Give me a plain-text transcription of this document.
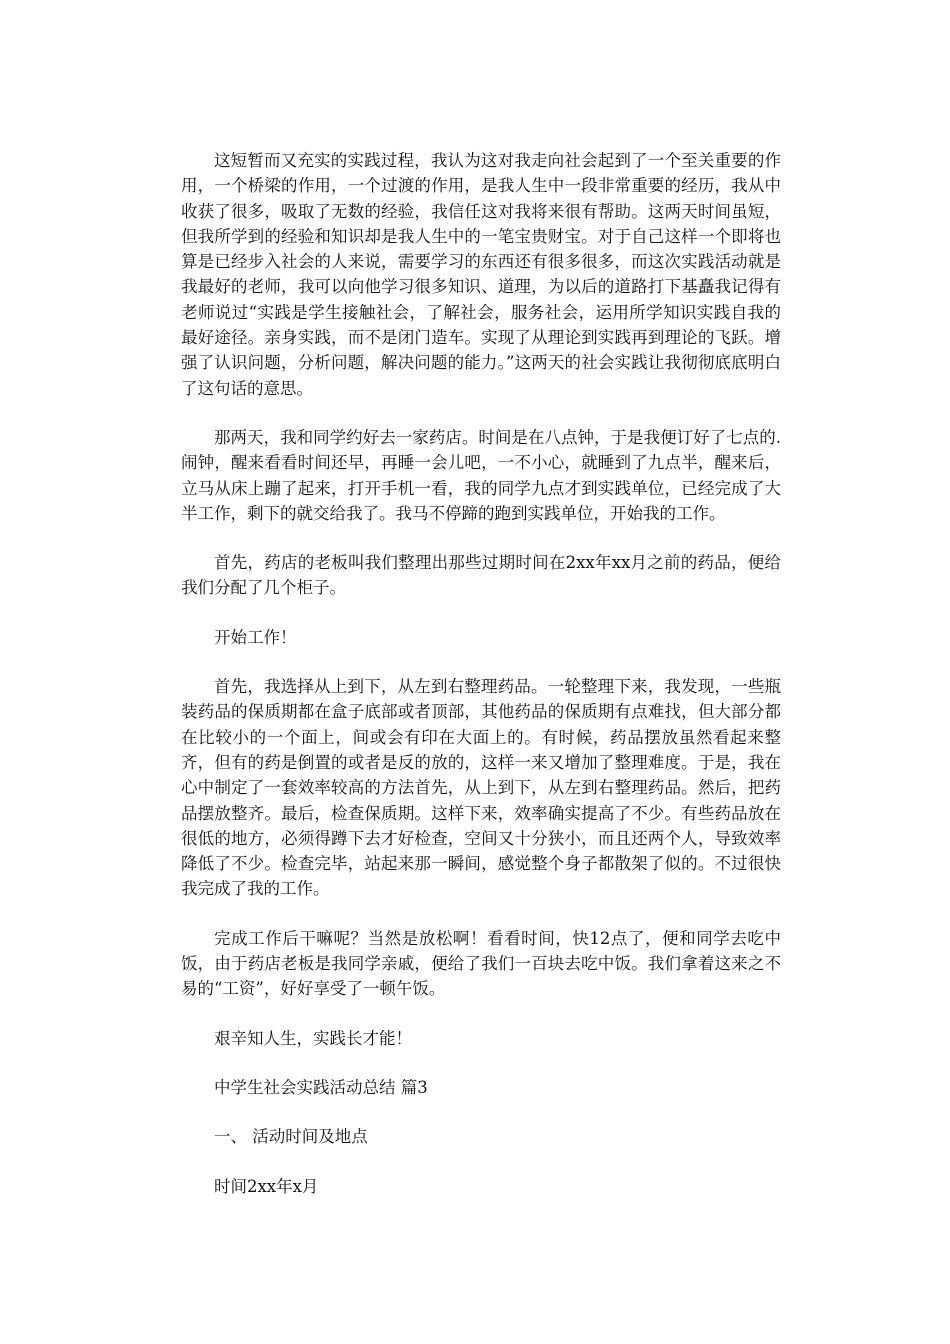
这短暂而又充实的实践过程，我认为这对我走向社会起到了一个至关重要的作用，一个桥梁的作用，一个过渡的作用，是我人生中一段非常重要的经历，我从中收获了很多，吸取了无数的经验，我信任这对我将来很有帮助。这两天时间虽短，但我所学到的经验和知识却是我人生中的一笔宝贵财宝。对于自己这样一个即将也算是已经步入社会的人来说，需要学习的东西还有很多很多，而这次实践活动就是我最好的老师，我可以向他学习很多知识、道理，为以后的道路打下基矗我记得有老师说过“实践是学生接触社会，了解社会，服务社会，运用所学知识实践自我的最好途径。亲身实践，而不是闭门造车。实现了从理论到实践再到理论的飞跃。增强了认识问题，分析问题，解决问题的能力。”这两天的社会实践让我彻彻底底明白了这句话的意思。

那两天，我和同学约好去一家药店。时间是在八点钟，于是我便订好了七点的.闹钟，醒来看看时间还早，再睡一会儿吧，一不小心，就睡到了九点半，醒来后，立马从床上蹦了起来，打开手机一看，我的同学九点才到实践单位，已经完成了大半工作，剩下的就交给我了。我马不停蹄的跑到实践单位，开始我的工作。

首先，药店的老板叫我们整理出那些过期时间在2xx年xx月之前的药品，便给我们分配了几个柜子。

开始工作！

首先，我选择从上到下，从左到右整理药品。一轮整理下来，我发现，一些瓶装药品的保质期都在盒子底部或者顶部，其他药品的保质期有点难找，但大部分都在比较小的一个面上，间或会有印在大面上的。有时候，药品摆放虽然看起来整齐，但有的药是倒置的或者是反的放的，这样一来又增加了整理难度。于是，我在心中制定了一套效率较高的方法首先，从上到下，从左到右整理药品。然后，把药品摆放整齐。最后，检查保质期。这样下来，效率确实提高了不少。有些药品放在很低的地方，必须得蹲下去才好检查，空间又十分狭小，而且还两个人，导致效率降低了不少。检查完毕，站起来那一瞬间，感觉整个身子都散架了似的。不过很快我完成了我的工作。

完成工作后干嘛呢？当然是放松啊！看看时间，快12点了，便和同学去吃中饭，由于药店老板是我同学亲戚，便给了我们一百块去吃中饭。我们拿着这来之不易的“工资”，好好享受了一顿午饭。

艰辛知人生，实践长才能！

中学生社会实践活动总结 篇3

一、 活动时间及地点

时间2xx年x月
